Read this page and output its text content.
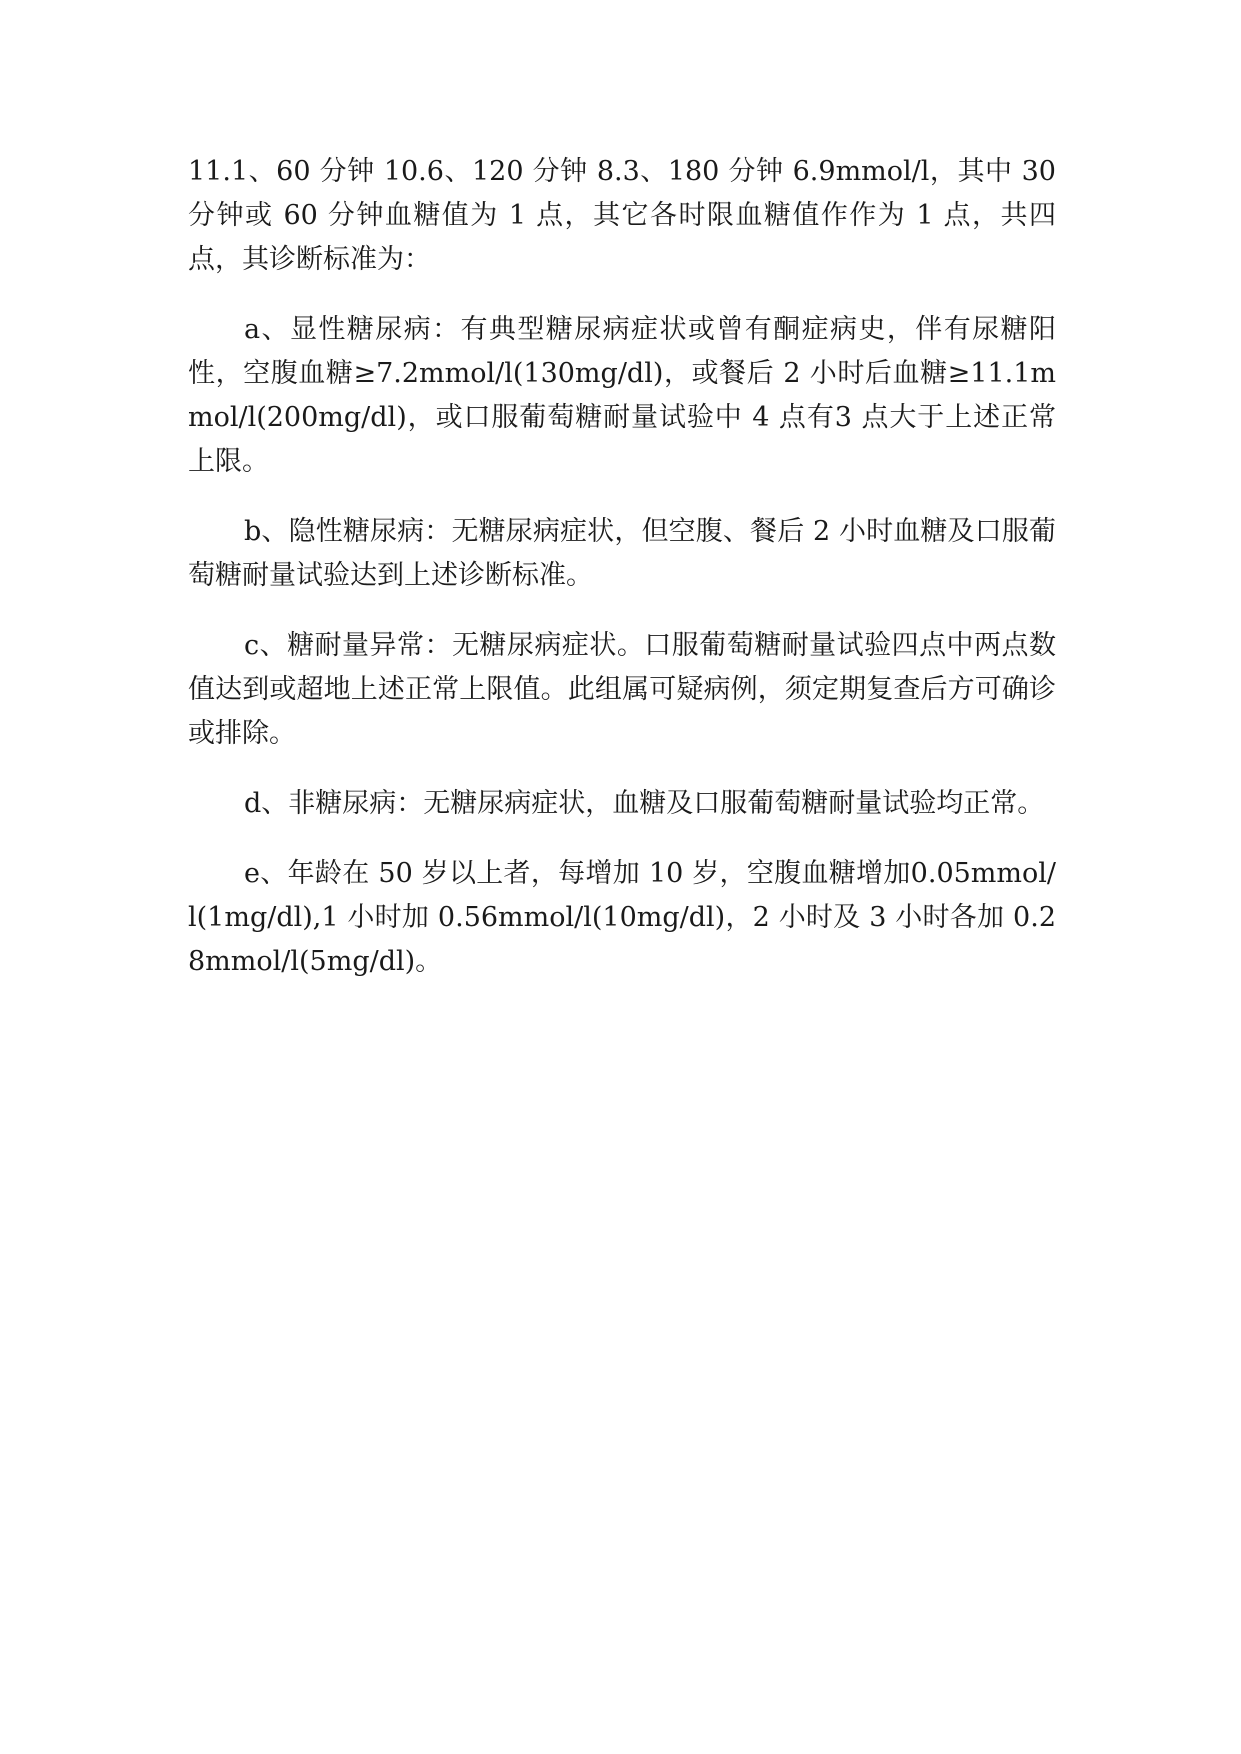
11.1、60 分钟 10.6、120 分钟 8.3、180 分钟 6.9mmol/l，其中 30 分钟或 60 分钟血糖值为 1 点，其它各时限血糖值作作为 1 点，共四点，其诊断标准为：

a、显性糖尿病：有典型糖尿病症状或曾有酮症病史，伴有尿糖阳性，空腹血糖≥7.2mmol/l(130mg/dl)，或餐后 2 小时后血糖≥11.1mmol/l(200mg/dl)，或口服葡萄糖耐量试验中 4 点有3 点大于上述正常上限。

b、隐性糖尿病：无糖尿病症状，但空腹、餐后 2 小时血糖及口服葡萄糖耐量试验达到上述诊断标准。

c、糖耐量异常：无糖尿病症状。口服葡萄糖耐量试验四点中两点数值达到或超地上述正常上限值。此组属可疑病例，须定期复查后方可确诊或排除。

d、非糖尿病：无糖尿病症状，血糖及口服葡萄糖耐量试验均正常。

e、年龄在 50 岁以上者，每增加 10 岁，空腹血糖增加0.05mmol/l(1mg/dl),1 小时加 0.56mmol/l(10mg/dl)，2 小时及 3 小时各加 0.28mmol/l(5mg/dl)。
